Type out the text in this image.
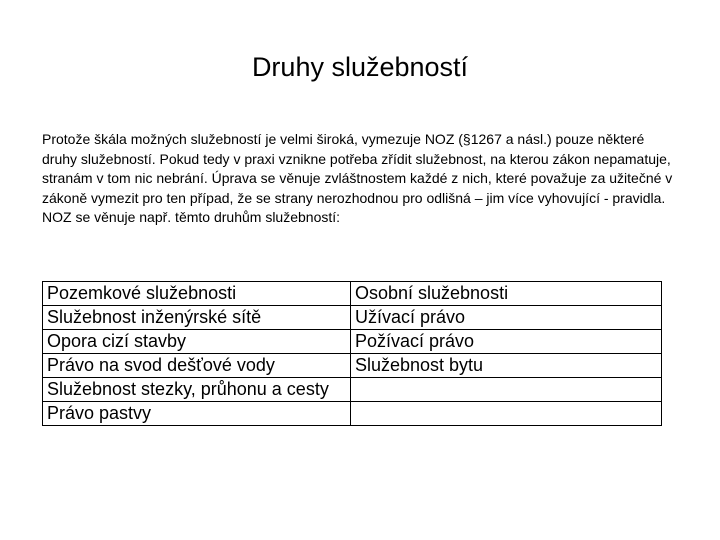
Druhy služebností

Protože škála možných služebností je velmi široká, vymezuje NOZ (§1267 a násl.) pouze některé druhy služebností. Pokud tedy v praxi vznikne potřeba zřídit služebnost, na kterou zákon nepamatuje, stranám v tom nic nebrání. Úprava se věnuje zvláštnostem každé z nich, které považuje za užitečné v zákoně vymezit pro ten případ, že se strany nerozhodnou pro odlišná – jim více vyhovující - pravidla. NOZ se věnuje např. těmto druhům služebností:

Pozemkové služebnosti	Osobní služebnosti
Služebnost inženýrské sítě	Užívací právo
Opora cizí stavby	Požívací právo
Právo na svod dešťové vody	Služebnost bytu
Služebnost stezky, průhonu a cesty	
Právo pastvy	
